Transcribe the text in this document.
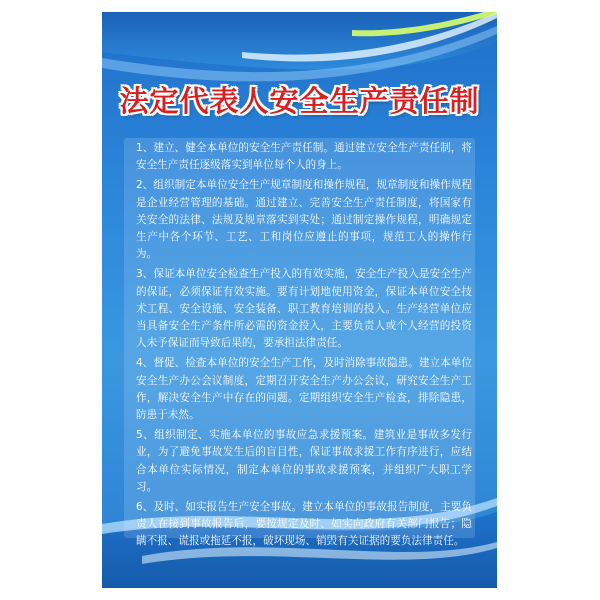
法定代表人安全生产责任制

1、建立、健全本单位的安全生产责任制。通过建立安全生产责任制，将安全生产责任逐级落实到单位每个人的身上。

2、组织制定本单位安全生产规章制度和操作规程，规章制度和操作规程是企业经营管理的基础。通过建立、完善安全生产责任制度，将国家有关安全的法律、法规及规章落实到实处；通过制定操作规程，明确规定生产中各个环节、工艺、工和岗位应遵止的事项，规范工人的操作行为。

3、保证本单位安全检查生产投入的有效实施，安全生产投入是安全生产的保证，必须保证有效实施。要有计划地使用资金，保证本单位安全技术工程、安全设施、安全装备、职工教育培训的投入。生产经营单位应当具备安全生产条件所必需的资金投入，主要负责人或个人经营的投资人未予保证而导致后果的，要承担法律责任。

4、督促、检查本单位的安全生产工作，及时消除事故隐患。建立本单位安全生产办公会议制度，定期召开安全生产办公会议，研究安全生产工作，解决安全生产中存在的问题。定期组织安全生产检查，排除隐患，防患于未然。

5、组织制定、实施本单位的事故应急求援预案。建筑业是事故多发行业，为了避免事故发生后的盲目性，保证事故求援工作有序进行，应结合本单位实际情况，制定本单位的事故求援预案，并组织广大职工学习。

6、及时、如实报告生产安全事故。建立本单位的事故报告制度，主要负责人在接到事故报告后，要按规定及时、如实向政府有关部门报告；隐瞒不报、谎报或拖延不报，破坏现场、销毁有关证据的要负法律责任。
